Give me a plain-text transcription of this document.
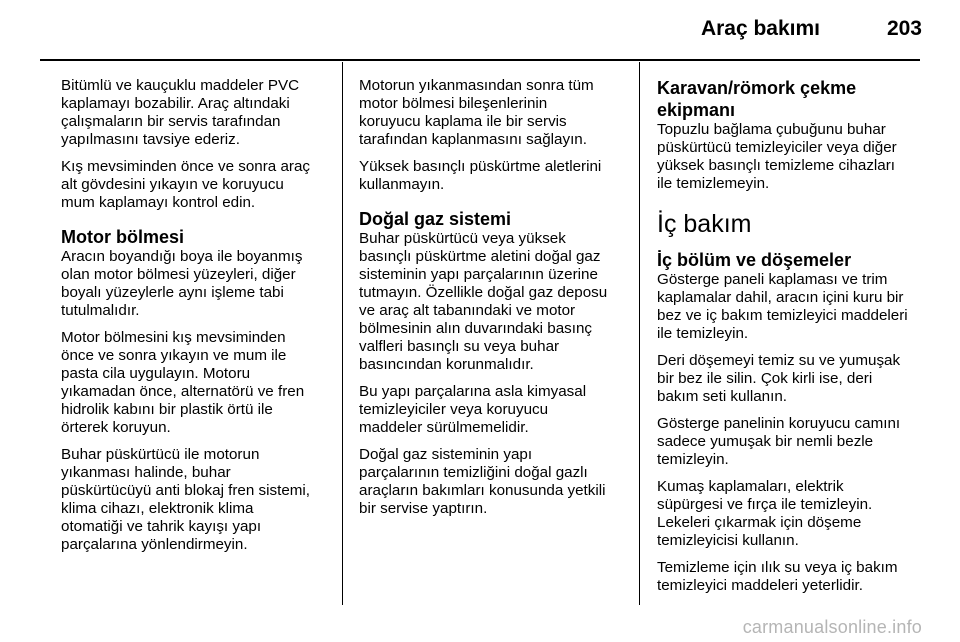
Araç bakımı	203

Bitümlü ve kauçuklu maddeler PVC
kaplamayı bozabilir. Araç altındaki
çalışmaların bir servis tarafından
yapılmasını tavsiye ederiz.

Kış mevsiminden önce ve sonra araç
alt gövdesini yıkayın ve koruyucu
mum kaplamayı kontrol edin.

Motor bölmesi

Aracın boyandığı boya ile boyanmış
olan motor bölmesi yüzeyleri, diğer
boyalı yüzeylerle aynı işleme tabi
tutulmalıdır.

Motor bölmesini kış mevsiminden
önce ve sonra yıkayın ve mum ile
pasta cila uygulayın. Motoru
yıkamadan önce, alternatörü ve fren
hidrolik kabını bir plastik örtü ile
örterek koruyun.

Buhar püskürtücü ile motorun
yıkanması halinde, buhar
püskürtücüyü anti blokaj fren sistemi,
klima cihazı, elektronik klima
otomatiği ve tahrik kayışı yapı
parçalarına yönlendirmeyin.

Motorun yıkanmasından sonra tüm
motor bölmesi bileşenlerinin
koruyucu kaplama ile bir servis
tarafından kaplanmasını sağlayın.

Yüksek basınçlı püskürtme aletlerini
kullanmayın.

Doğal gaz sistemi

Buhar püskürtücü veya yüksek
basınçlı püskürtme aletini doğal gaz
sisteminin yapı parçalarının üzerine
tutmayın. Özellikle doğal gaz deposu
ve araç alt tabanındaki ve motor
bölmesinin alın duvarındaki basınç
valfleri basınçlı su veya buhar
basıncından korunmalıdır.

Bu yapı parçalarına asla kimyasal
temizleyiciler veya koruyucu
maddeler sürülmemelidir.

Doğal gaz sisteminin yapı
parçalarının temizliğini doğal gazlı
araçların bakımları konusunda yetkili
bir servise yaptırın.

Karavan/römork çekme
ekipmanı

Topuzlu bağlama çubuğunu buhar
püskürtücü temizleyiciler veya diğer
yüksek basınçlı temizleme cihazları
ile temizlemeyin.

İç bakım
İç bölüm ve döşemeler

Gösterge paneli kaplaması ve trim
kaplamalar dahil, aracın içini kuru bir
bez ve iç bakım temizleyici maddeleri
ile temizleyin.

Deri döşemeyi temiz su ve yumuşak
bir bez ile silin. Çok kirli ise, deri
bakım seti kullanın.

Gösterge panelinin koruyucu camını
sadece yumuşak bir nemli bezle
temizleyin.

Kumaş kaplamaları, elektrik
süpürgesi ve fırça ile temizleyin.
Lekeleri çıkarmak için döşeme
temizleyicisi kullanın.

Temizleme için ılık su veya iç bakım
temizleyici maddeleri yeterlidir.

carmanualsonline.info
